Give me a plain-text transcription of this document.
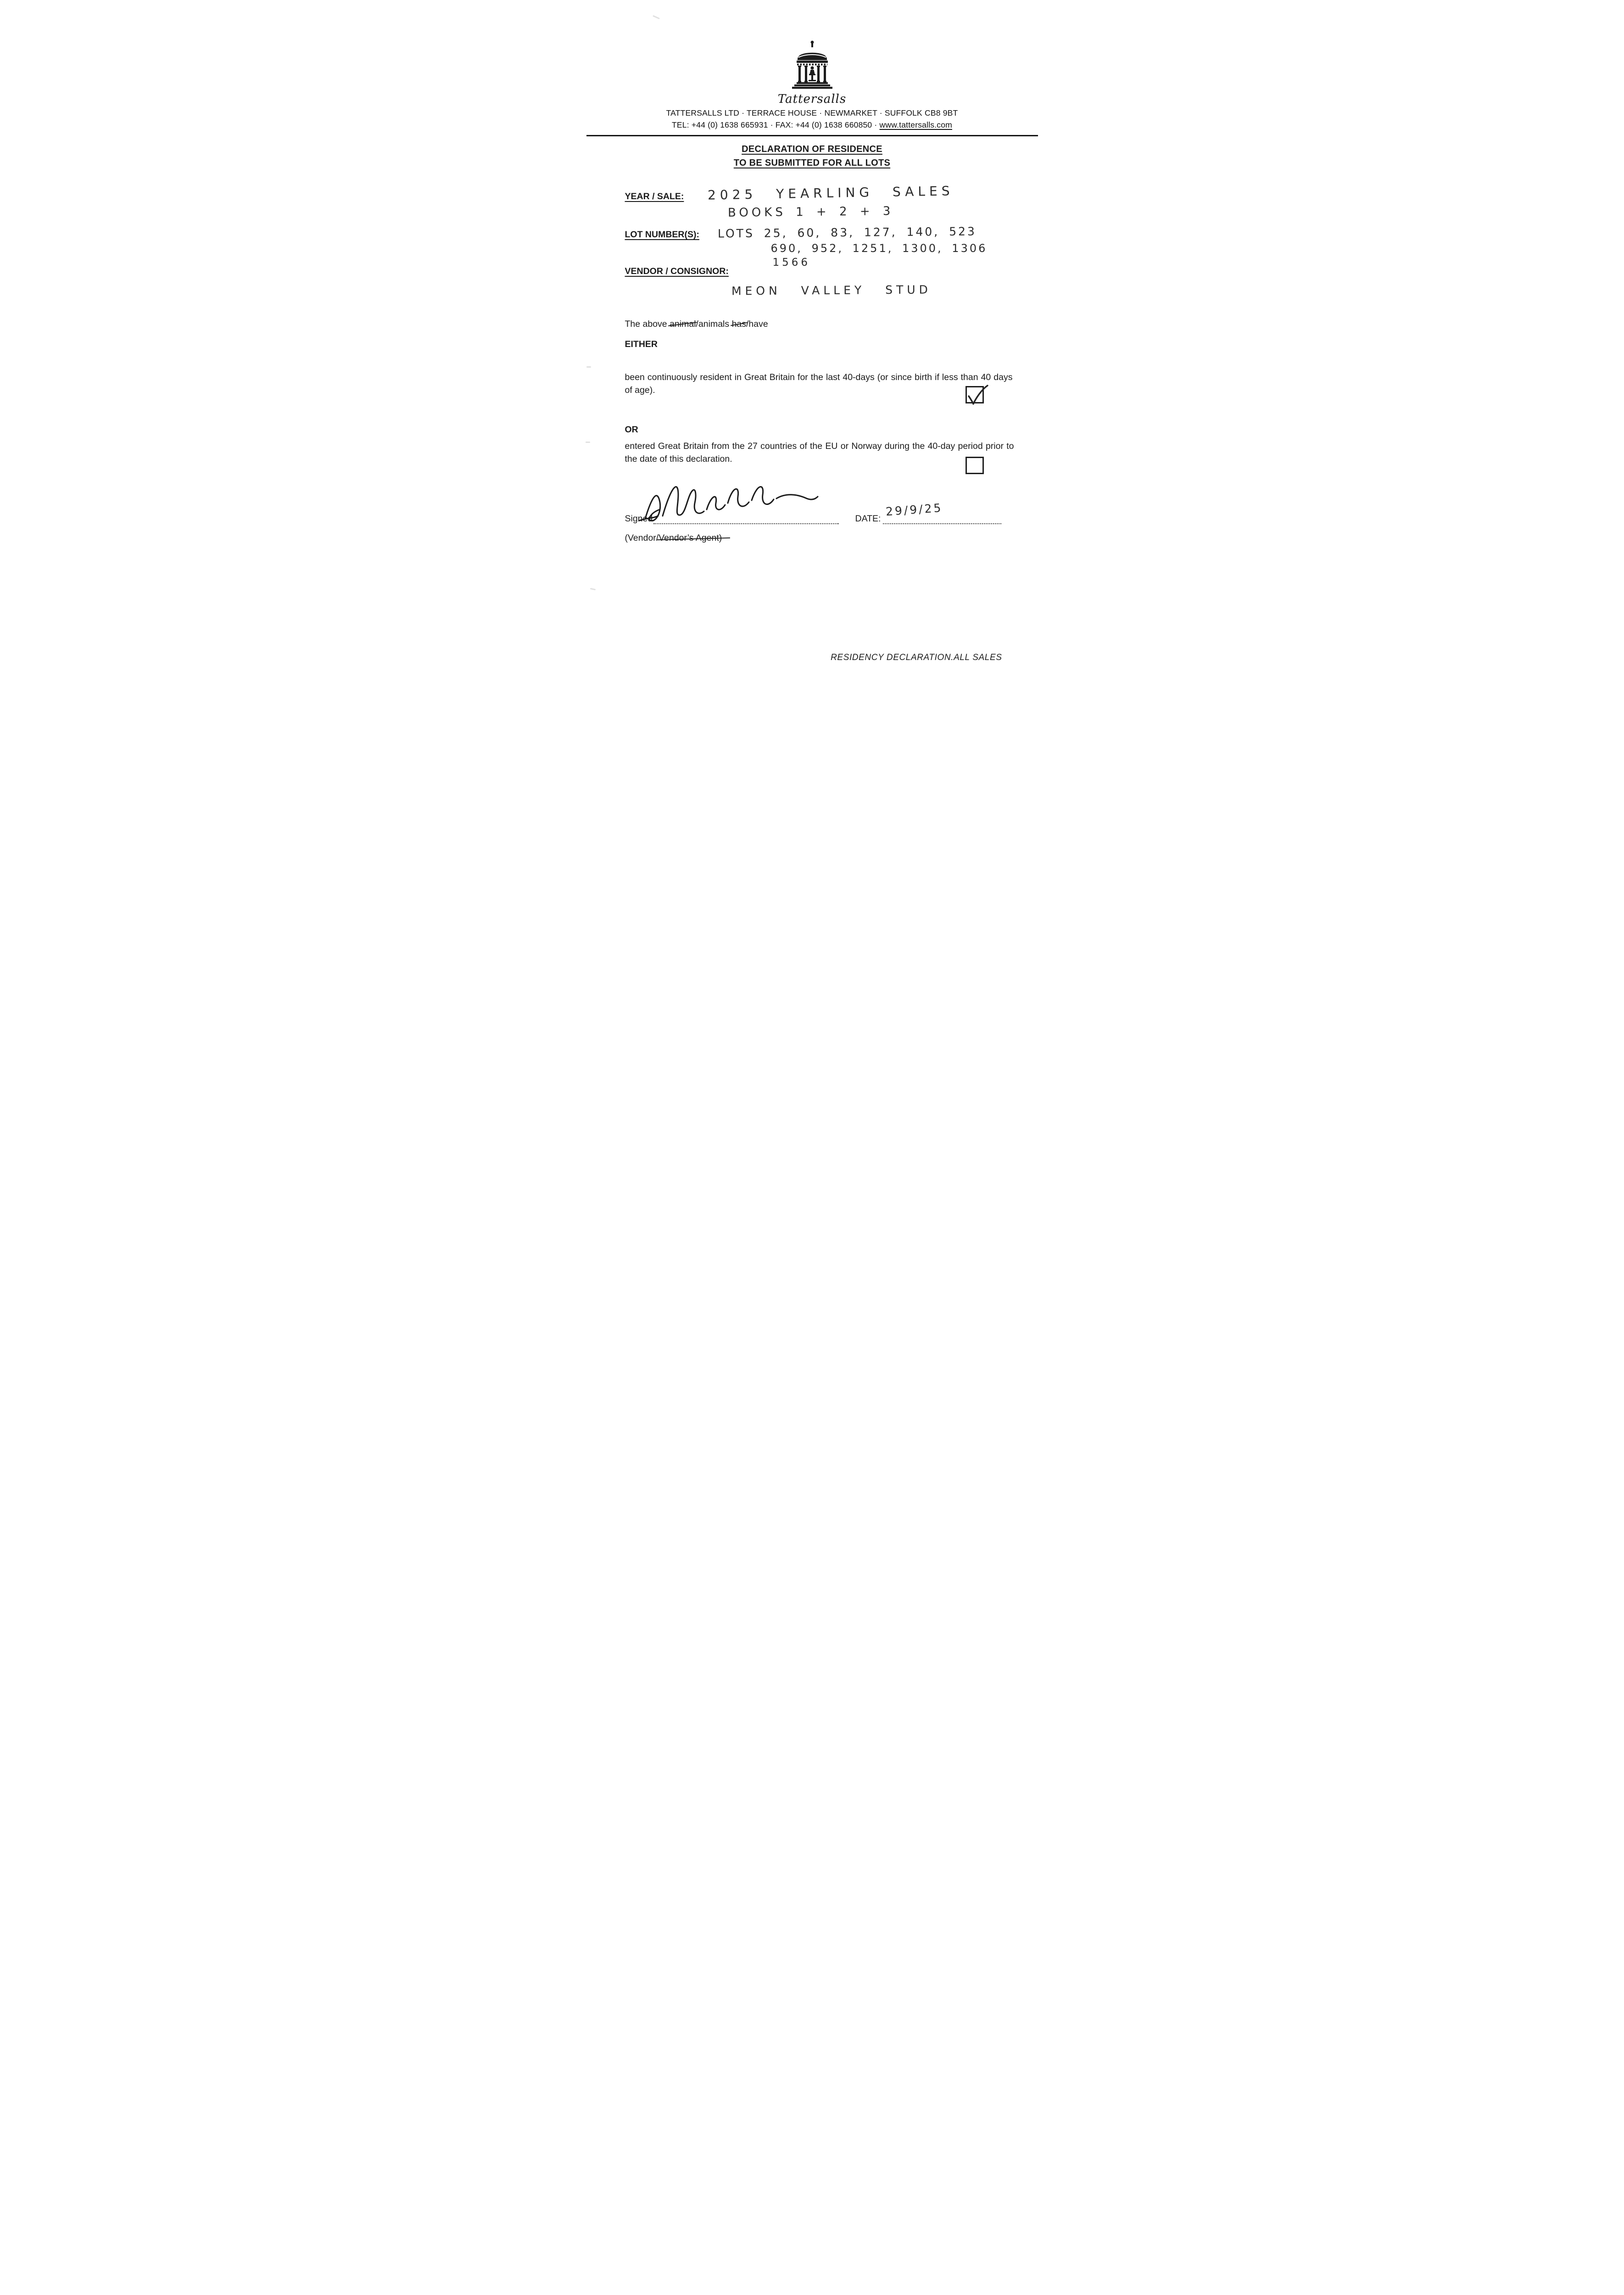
Tattersalls
TATTERSALLS LTD · TERRACE HOUSE · NEWMARKET · SUFFOLK CB8 9BT
TEL: +44 (0) 1638 665931 · FAX: +44 (0) 1638 660850 · www.tattersalls.com
DECLARATION OF RESIDENCE
TO BE SUBMITTED FOR ALL LOTS
YEAR / SALE: 2025 YEARLING SALES
BOOKS 1 + 2 + 3
LOT NUMBER(S): LOTS 25, 60, 83, 127, 140, 523
690, 952, 1251, 1300, 1306
1566
VENDOR / CONSIGNOR:
MEON VALLEY STUD
The above animal/animals has/have
EITHER
been continuously resident in Great Britain for the last 40-days (or since birth if less than 40 days of age).
OR
entered Great Britain from the 27 countries of the EU or Norway during the 40-day period prior to the date of this declaration.
Signed	DATE:
29/9/25
(Vendor/Vendor’s Agent)
RESIDENCY DECLARATION.ALL SALES
